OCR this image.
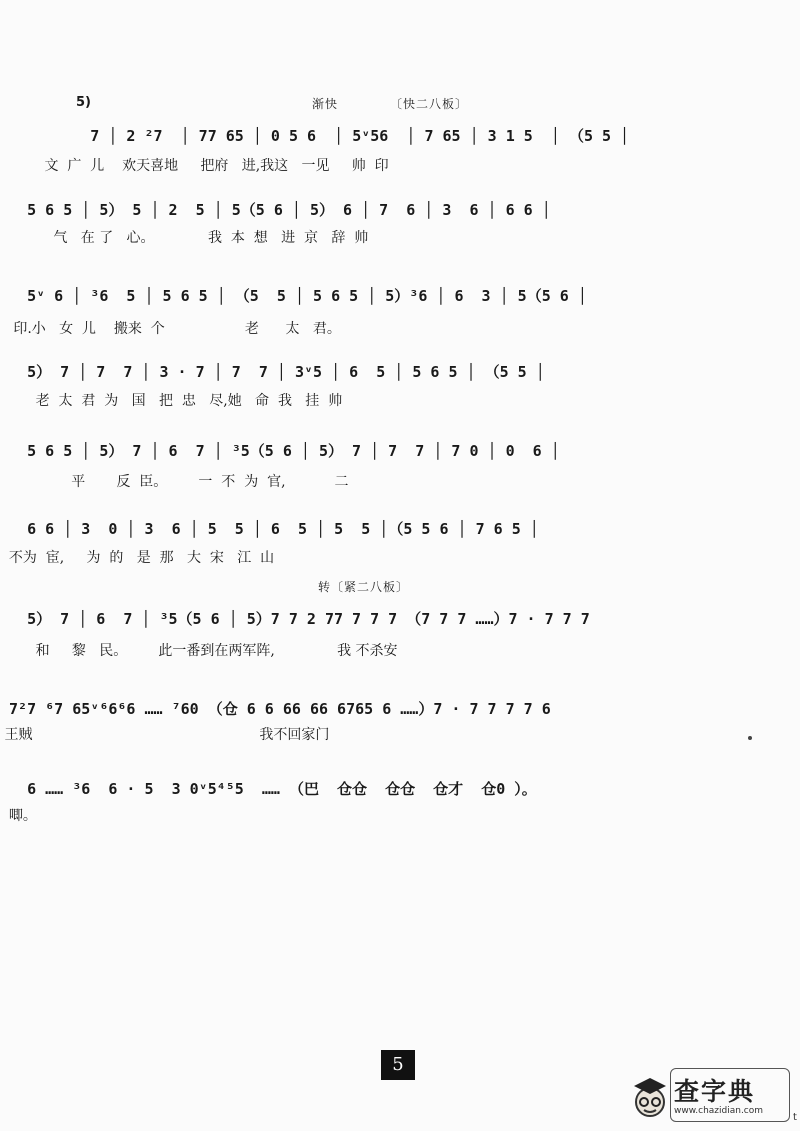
5)	渐快	〔快二八板〕
转〔紧二八板〕
7 │ 2 ²7  │ 77 65 │ 0 5 6  │ 5ᵛ56  │ 7 65 │ 3 1 5  │ （5 5 │
文  广  儿    欢天喜地     把府   进,我这   一见     帅  印
5 6 5 │ 5） 5 │ 2  5 │ 5（5 6 │ 5） 6 │ 7  6 │ 3  6 │ 6 6 │
气   在 了   心。            我  本  想   进  京   辞  帅
5ᵛ 6 │ ³6  5 │ 5 6 5 │ （5  5 │ 5 6 5 │ 5）³6 │ 6  3 │ 5（5 6 │
印.小   女  儿    搬来  个                  老      太   君。
5） 7 │ 7  7 │ 3 · 7 │ 7  7 │ 3ᵛ5 │ 6  5 │ 5 6 5 │ （5 5 │
老  太  君  为   国   把  忠   尽,她   命  我   挂  帅
5 6 5 │ 5） 7 │ 6  7 │ ³5（5 6 │ 5） 7 │ 7  7 │ 7 0 │ 0  6 │
平       反  臣。       一  不  为  官,           二
6 6 │ 3  0 │ 3  6 │ 5  5 │ 6  5 │ 5  5 │（5 5 6 │ 7 6 5 │
不为  宦,     为  的   是  那   大  宋   江  山
5） 7 │ 6  7 │ ³5（5 6 │ 5）7 7 2 77 7 7 7 （7 7 7 ……）7 · 7 7 7
和     黎   民。       此一番到在两军阵,              我 不杀安
7²7 ⁶7 65ᵛ⁶6⁶6 …… ⁷60 （仓 6 6 66 66 6765 6 ……）7 · 7 7 7 7 6
王贼                                                   我不回家门
6 …… ³6  6 · 5  3 0ᵛ5⁴⁵5  …… （巴  仓仓  仓仓  仓才  仓0 ）。
唧。
5
查字典
www.chazidian.com
t
